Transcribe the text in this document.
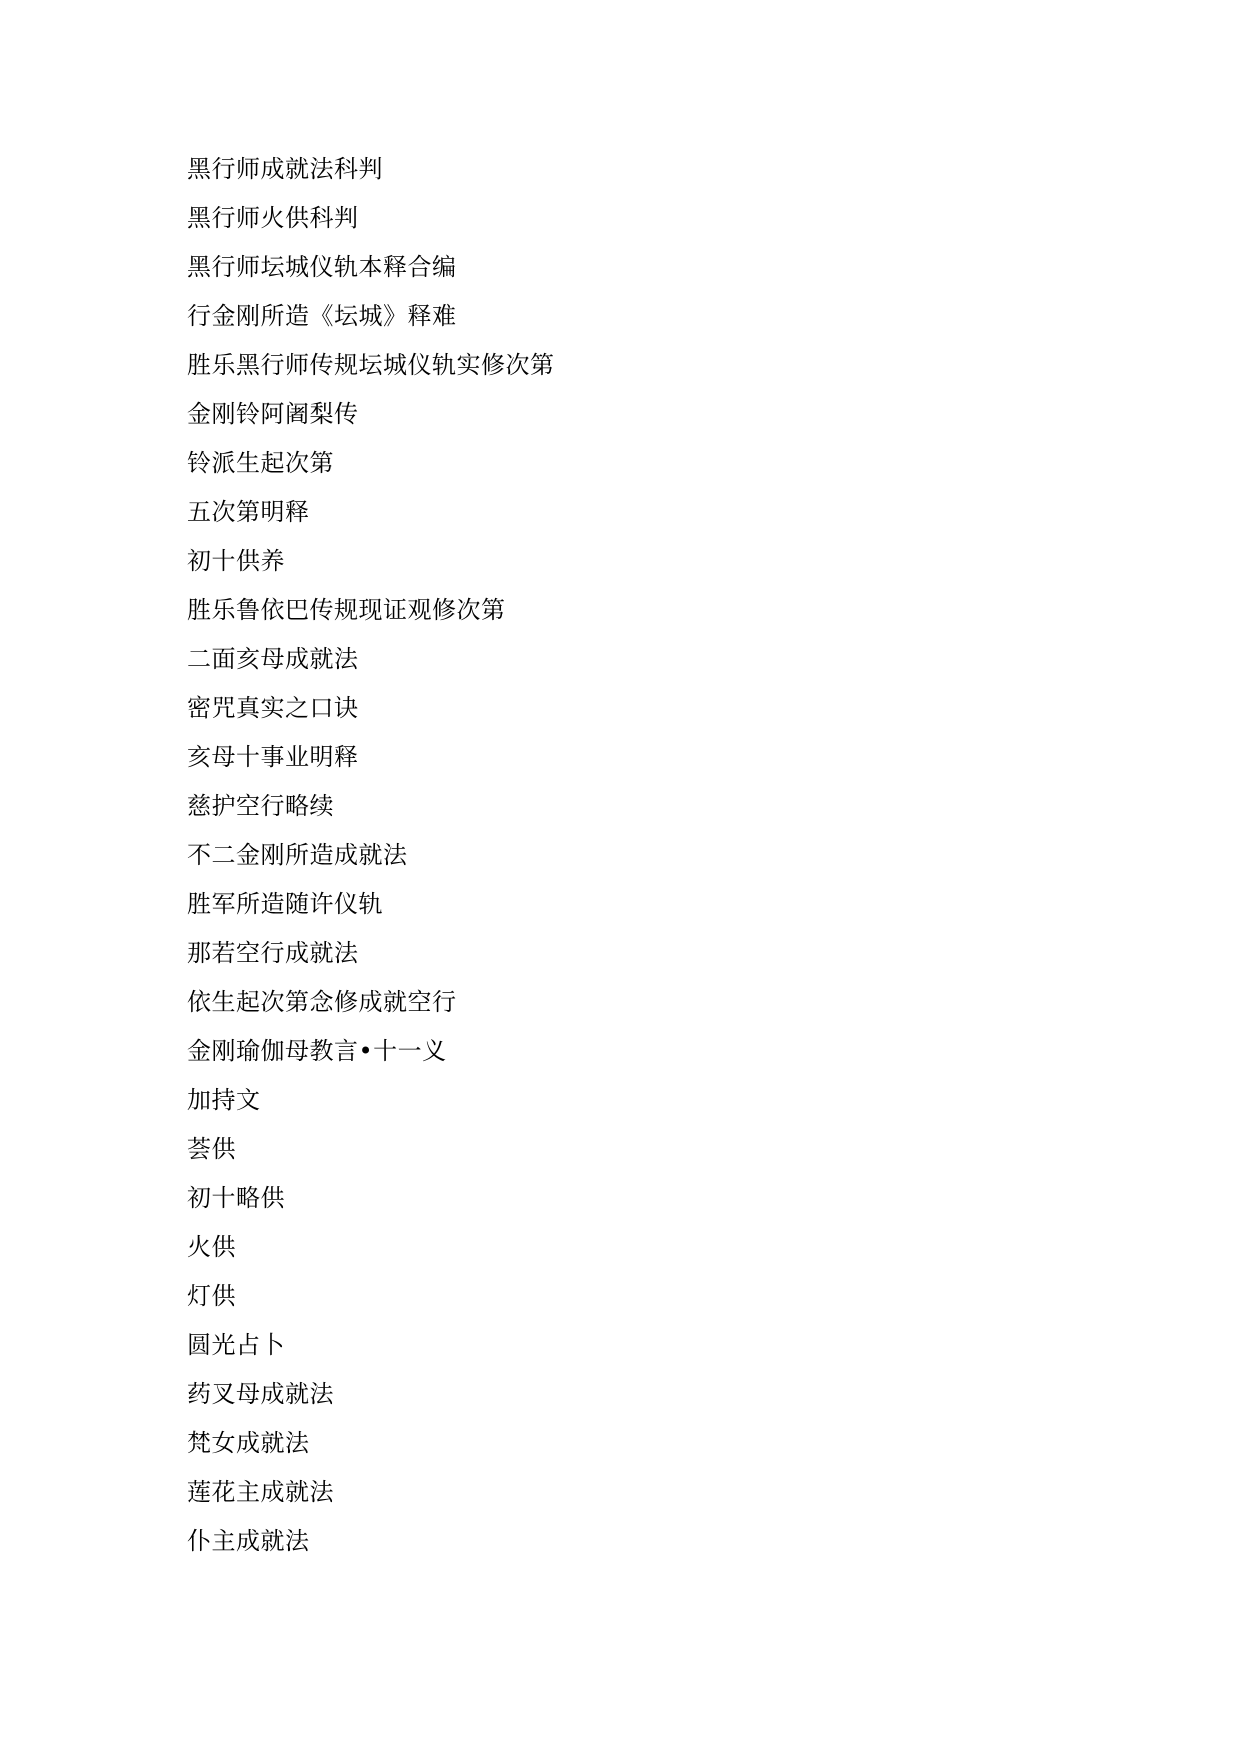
黑行师成就法科判

黑行师火供科判

黑行师坛城仪轨本释合编

行金刚所造《坛城》释难

胜乐黑行师传规坛城仪轨实修次第

金刚铃阿阇梨传

铃派生起次第

五次第明释

初十供养

胜乐鲁依巴传规现证观修次第

二面亥母成就法

密咒真实之口诀

亥母十事业明释

慈护空行略续

不二金刚所造成就法

胜军所造随许仪轨

那若空行成就法

依生起次第念修成就空行

金刚瑜伽母教言•十一义

加持文

荟供

初十略供

火供

灯供

圆光占卜

药叉母成就法

梵女成就法

莲花主成就法

仆主成就法
